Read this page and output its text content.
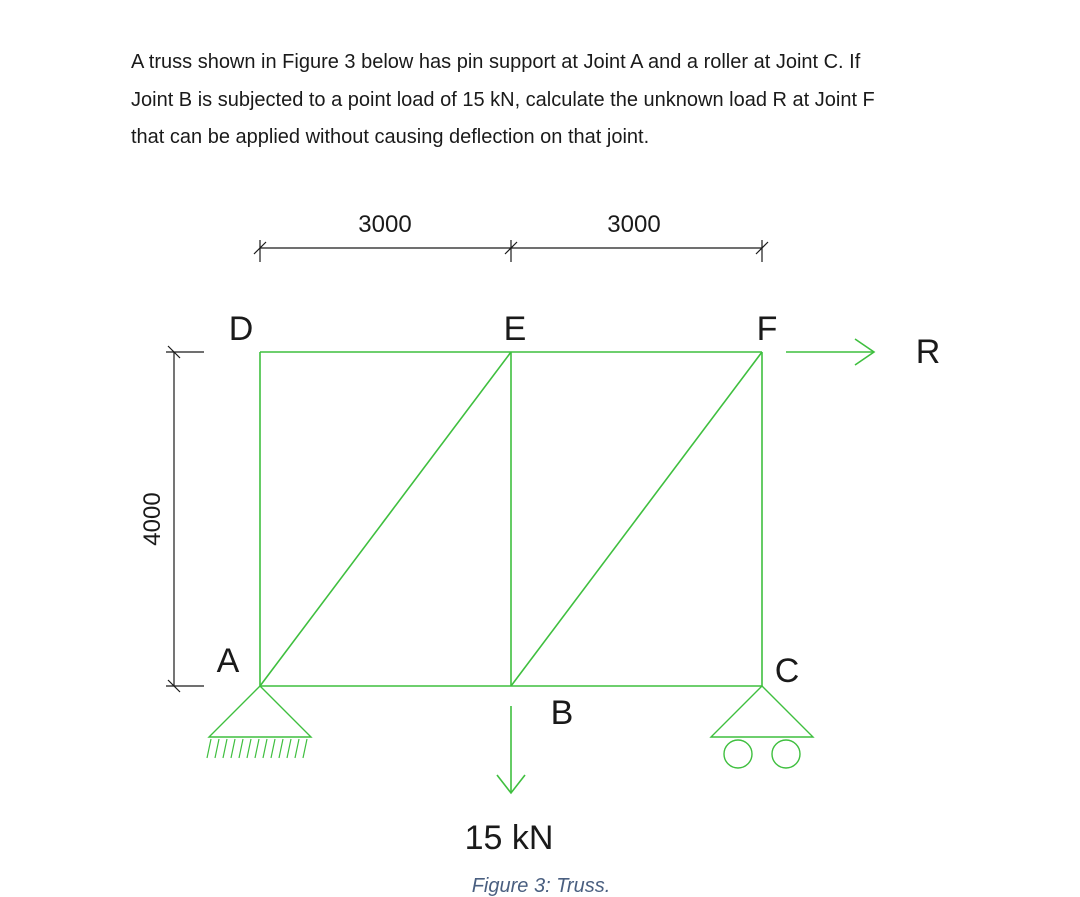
A truss shown in Figure 3 below has pin support at Joint A and a roller at Joint C. If
Joint B is subjected to a point load of 15 kN, calculate the unknown load R at Joint F
that can be applied without causing deflection on that joint.

3000	3000
4000
D	E	F
A	C
B
R
15 kN
Figure 3: Truss.
